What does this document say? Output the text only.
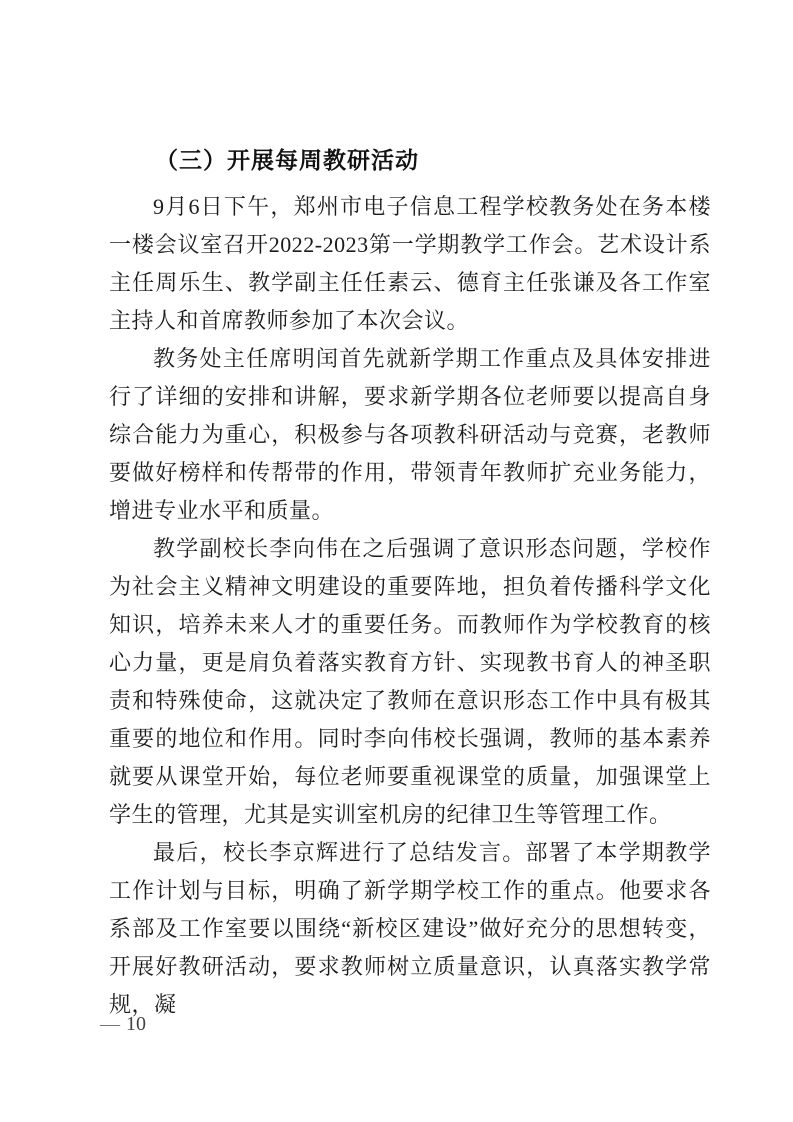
（三）开展每周教研活动

9月6日下午，郑州市电子信息工程学校教务处在务本楼一楼会议室召开2022-2023第一学期教学工作会。艺术设计系主任周乐生、教学副主任任素云、德育主任张谦及各工作室主持人和首席教师参加了本次会议。

教务处主任席明闰首先就新学期工作重点及具体安排进行了详细的安排和讲解，要求新学期各位老师要以提高自身综合能力为重心，积极参与各项教科研活动与竞赛，老教师要做好榜样和传帮带的作用，带领青年教师扩充业务能力，增进专业水平和质量。

教学副校长李向伟在之后强调了意识形态问题，学校作为社会主义精神文明建设的重要阵地，担负着传播科学文化知识，培养未来人才的重要任务。而教师作为学校教育的核心力量，更是肩负着落实教育方针、实现教书育人的神圣职责和特殊使命，这就决定了教师在意识形态工作中具有极其重要的地位和作用。同时李向伟校长强调，教师的基本素养就要从课堂开始，每位老师要重视课堂的质量，加强课堂上学生的管理，尤其是实训室机房的纪律卫生等管理工作。

最后，校长李京辉进行了总结发言。部署了本学期教学工作计划与目标，明确了新学期学校工作的重点。他要求各系部及工作室要以围绕“新校区建设”做好充分的思想转变，开展好教研活动，要求教师树立质量意识，认真落实教学常规，凝

— 10
